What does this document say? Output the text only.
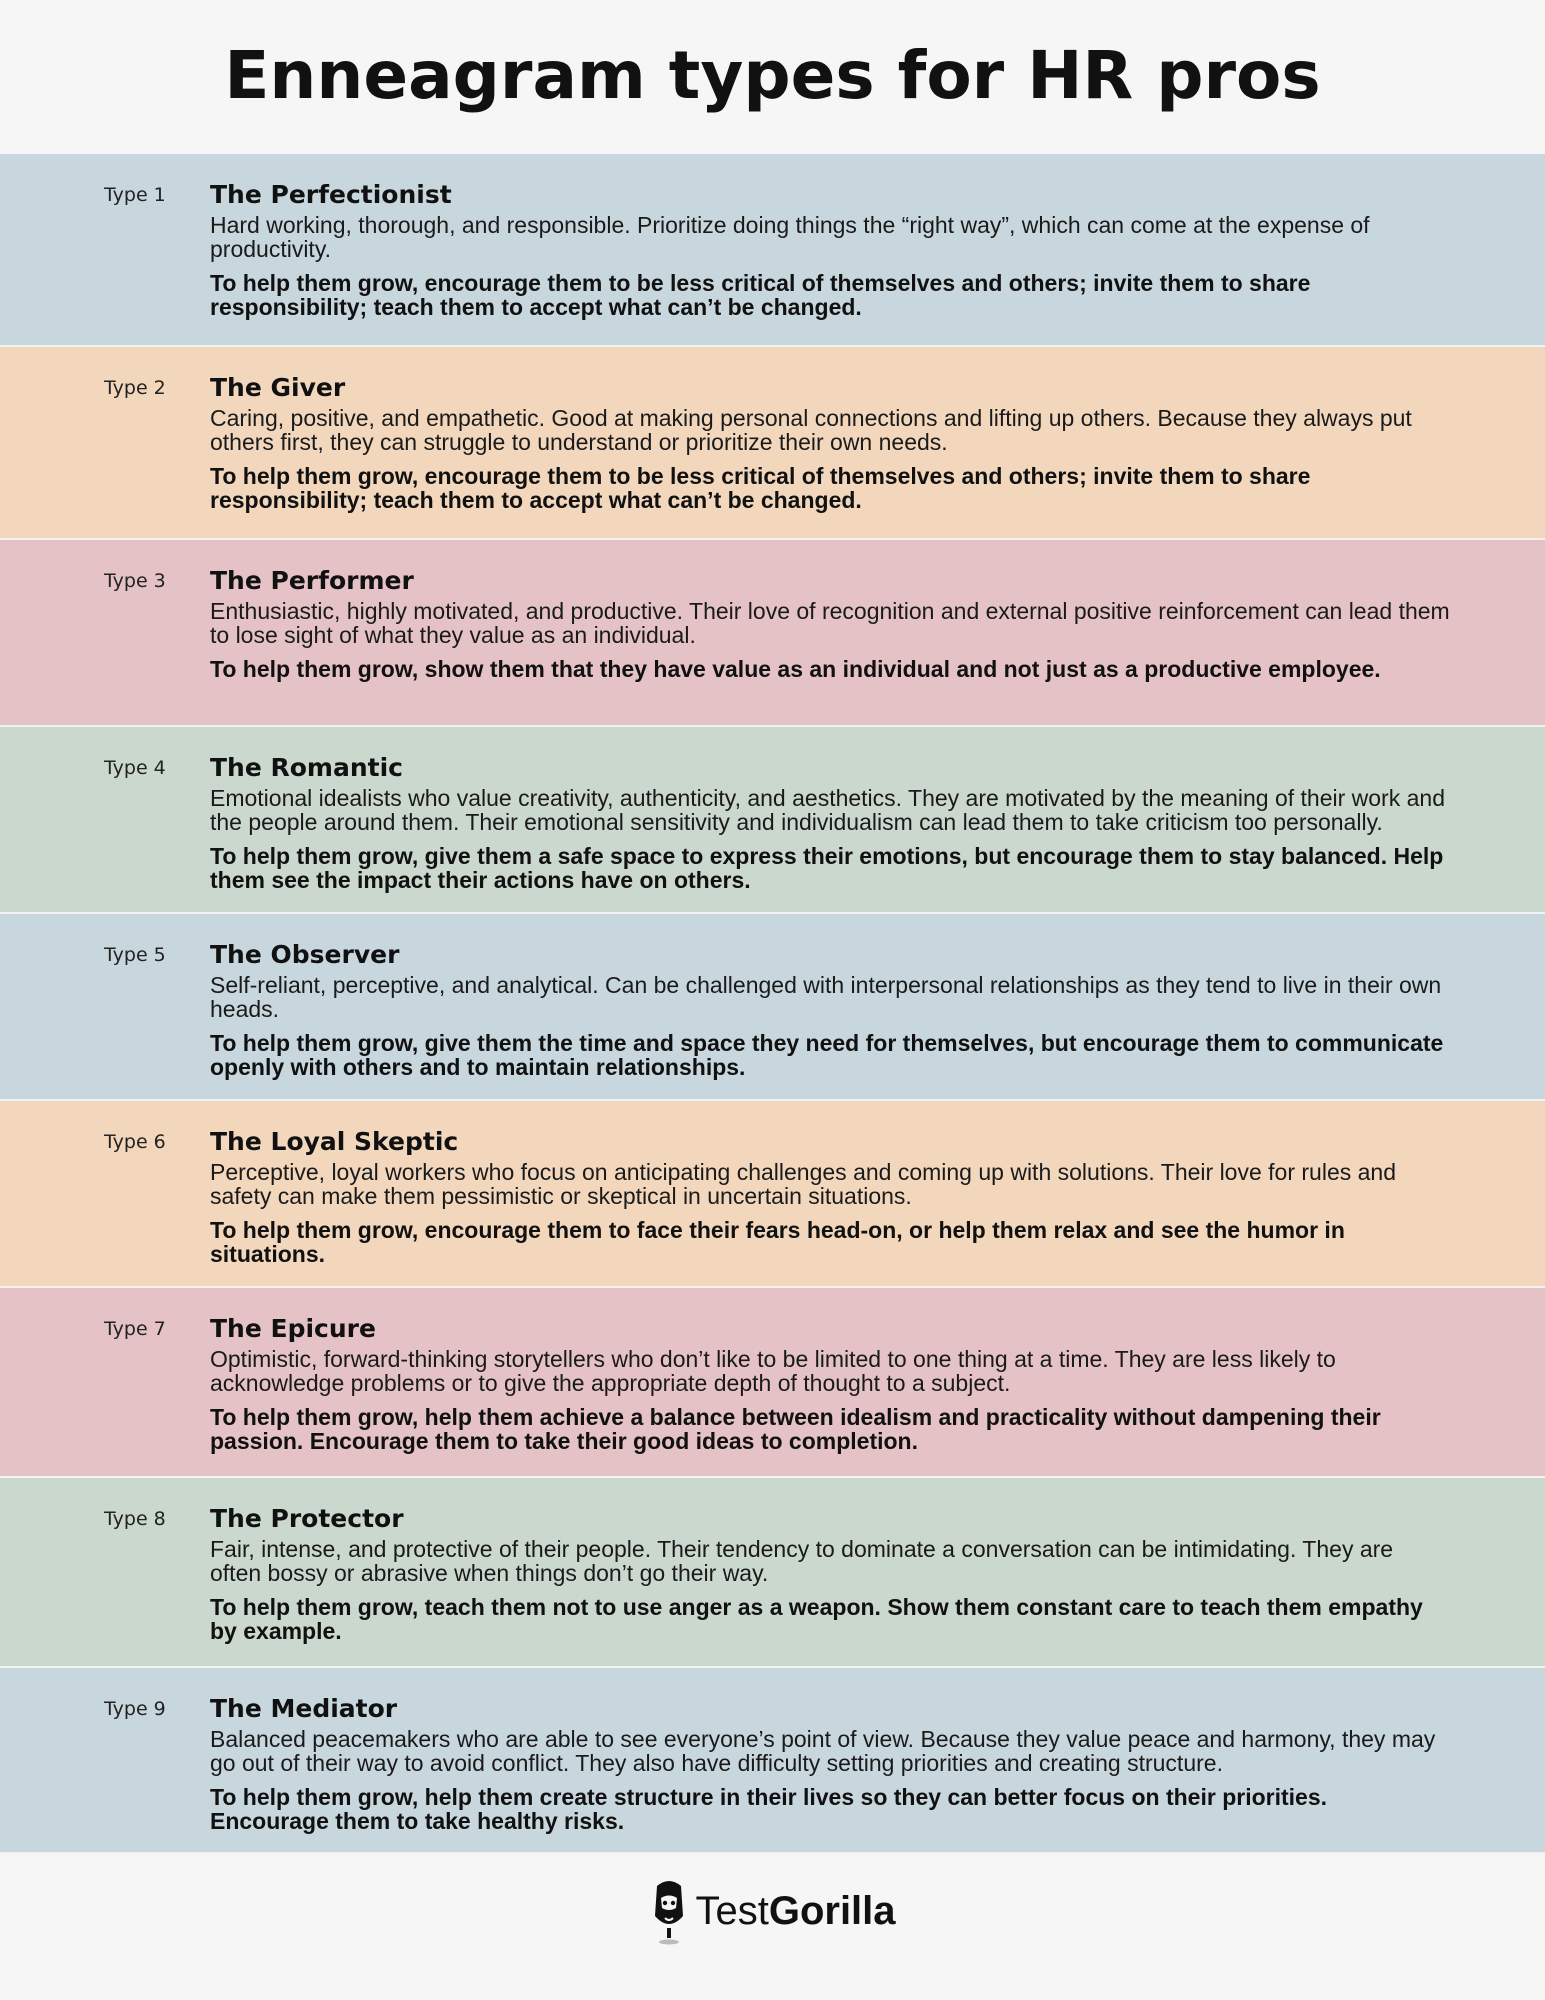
Enneagram types for HR pros
Type 1 The Perfectionist
Hard working, thorough, and responsible. Prioritize doing things the “right way”, which can come at the expense of productivity.
To help them grow, encourage them to be less critical of themselves and others; invite them to share responsibility; teach them to accept what can’t be changed.
Type 2 The Giver
Caring, positive, and empathetic. Good at making personal connections and lifting up others. Because they always put others first, they can struggle to understand or prioritize their own needs.
To help them grow, encourage them to be less critical of themselves and others; invite them to share responsibility; teach them to accept what can’t be changed.
Type 3 The Performer
Enthusiastic, highly motivated, and productive. Their love of recognition and external positive reinforcement can lead them to lose sight of what they value as an individual.
To help them grow, show them that they have value as an individual and not just as a productive employee.
Type 4 The Romantic
Emotional idealists who value creativity, authenticity, and aesthetics. They are motivated by the meaning of their work and the people around them. Their emotional sensitivity and individualism can lead them to take criticism too personally.
To help them grow, give them a safe space to express their emotions, but encourage them to stay balanced. Help them see the impact their actions have on others.
Type 5 The Observer
Self-reliant, perceptive, and analytical. Can be challenged with interpersonal relationships as they tend to live in their own heads.
To help them grow, give them the time and space they need for themselves, but encourage them to communicate openly with others and to maintain relationships.
Type 6 The Loyal Skeptic
Perceptive, loyal workers who focus on anticipating challenges and coming up with solutions. Their love for rules and safety can make them pessimistic or skeptical in uncertain situations.
To help them grow, encourage them to face their fears head-on, or help them relax and see the humor in situations.
Type 7 The Epicure
Optimistic, forward-thinking storytellers who don’t like to be limited to one thing at a time. They are less likely to acknowledge problems or to give the appropriate depth of thought to a subject.
To help them grow, help them achieve a balance between idealism and practicality without dampening their passion. Encourage them to take their good ideas to completion.
Type 8 The Protector
Fair, intense, and protective of their people. Their tendency to dominate a conversation can be intimidating. They are often bossy or abrasive when things don’t go their way.
To help them grow, teach them not to use anger as a weapon. Show them constant care to teach them empathy by example.
Type 9 The Mediator
Balanced peacemakers who are able to see everyone’s point of view. Because they value peace and harmony, they may go out of their way to avoid conflict. They also have difficulty setting priorities and creating structure.
To help them grow, help them create structure in their lives so they can better focus on their priorities. Encourage them to take healthy risks.
TestGorilla
